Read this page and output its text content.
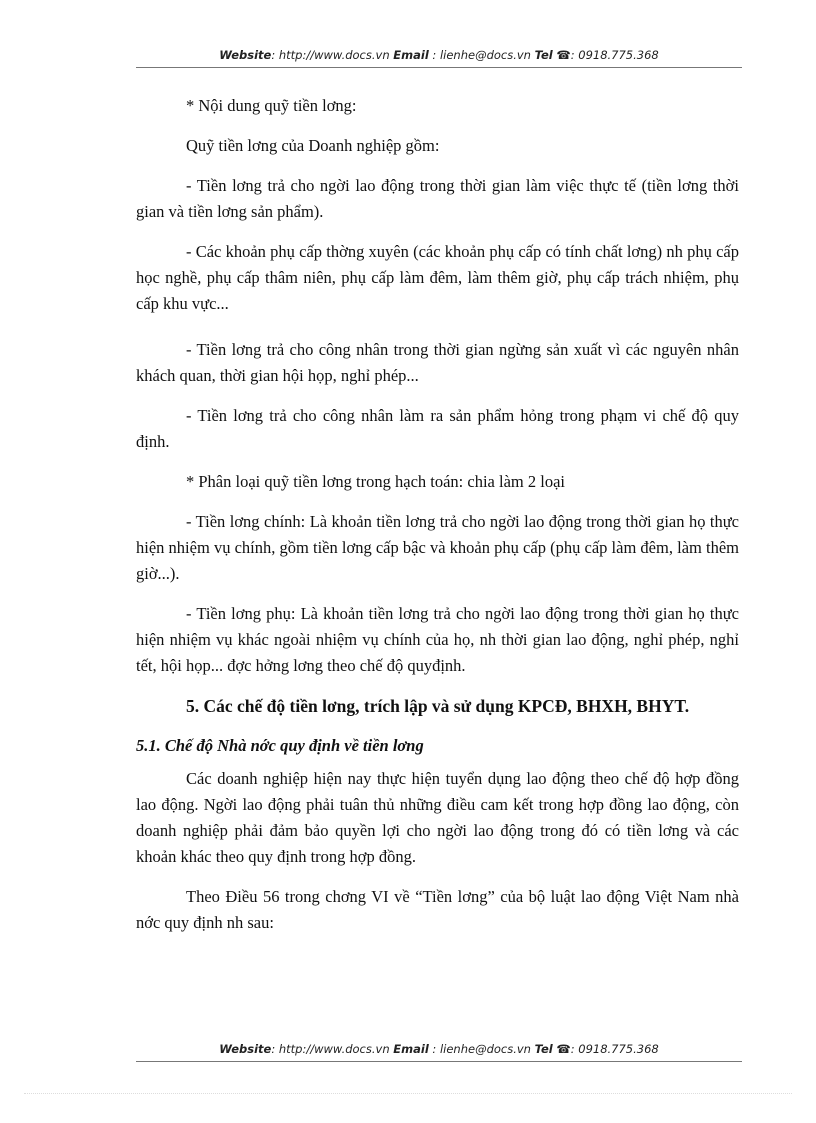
Website: http://www.docs.vn Email : lienhe@docs.vn Tel ☎: 0918.775.368

* Nội dung quỹ tiền lơng:

Quỹ tiền lơng của Doanh nghiệp gồm:

- Tiền lơng trả cho ngời lao động trong thời gian làm việc thực tế (tiền lơng thời gian và tiền lơng sản phẩm).

- Các khoản phụ cấp thờng xuyên (các khoản phụ cấp có tính chất lơng) nh phụ cấp học nghề, phụ cấp thâm niên, phụ cấp làm đêm, làm thêm giờ, phụ cấp trách nhiệm, phụ cấp khu vực...

- Tiền lơng trả cho công nhân trong thời gian ngừng sản xuất vì các nguyên nhân khách quan, thời gian hội họp, nghỉ phép...

- Tiền lơng trả cho công nhân làm ra sản phẩm hỏng trong phạm vi chế độ quy định.

* Phân loại quỹ tiền lơng trong hạch toán: chia làm 2 loại

- Tiền lơng chính: Là khoản tiền lơng trả cho ngời lao động trong thời gian họ thực hiện nhiệm vụ chính, gồm tiền lơng cấp bậc và khoản phụ cấp (phụ cấp làm đêm, làm thêm giờ...).

- Tiền lơng phụ: Là khoản tiền lơng trả cho ngời lao động trong thời gian họ thực hiện nhiệm vụ khác ngoài nhiệm vụ chính của họ, nh thời gian lao động, nghỉ phép, nghỉ tết, hội họp... đợc hởng lơng theo chế độ quyđịnh.

5. Các chế độ tiền lơng, trích lập và sử dụng KPCĐ, BHXH, BHYT.

5.1. Chế độ Nhà nớc quy định về tiền lơng

Các doanh nghiệp hiện nay thực hiện tuyển dụng lao động theo chế độ hợp đồng lao động. Ngời lao động phải tuân thủ những điều cam kết trong hợp đồng lao động, còn doanh nghiệp phải đảm bảo quyền lợi cho ngời lao động trong đó có tiền lơng và các khoản khác theo quy định trong hợp đồng.

Theo Điều 56 trong chơng VI về “Tiền lơng” của bộ luật lao động Việt Nam nhà nớc quy định nh sau:

Website: http://www.docs.vn Email : lienhe@docs.vn Tel ☎: 0918.775.368
